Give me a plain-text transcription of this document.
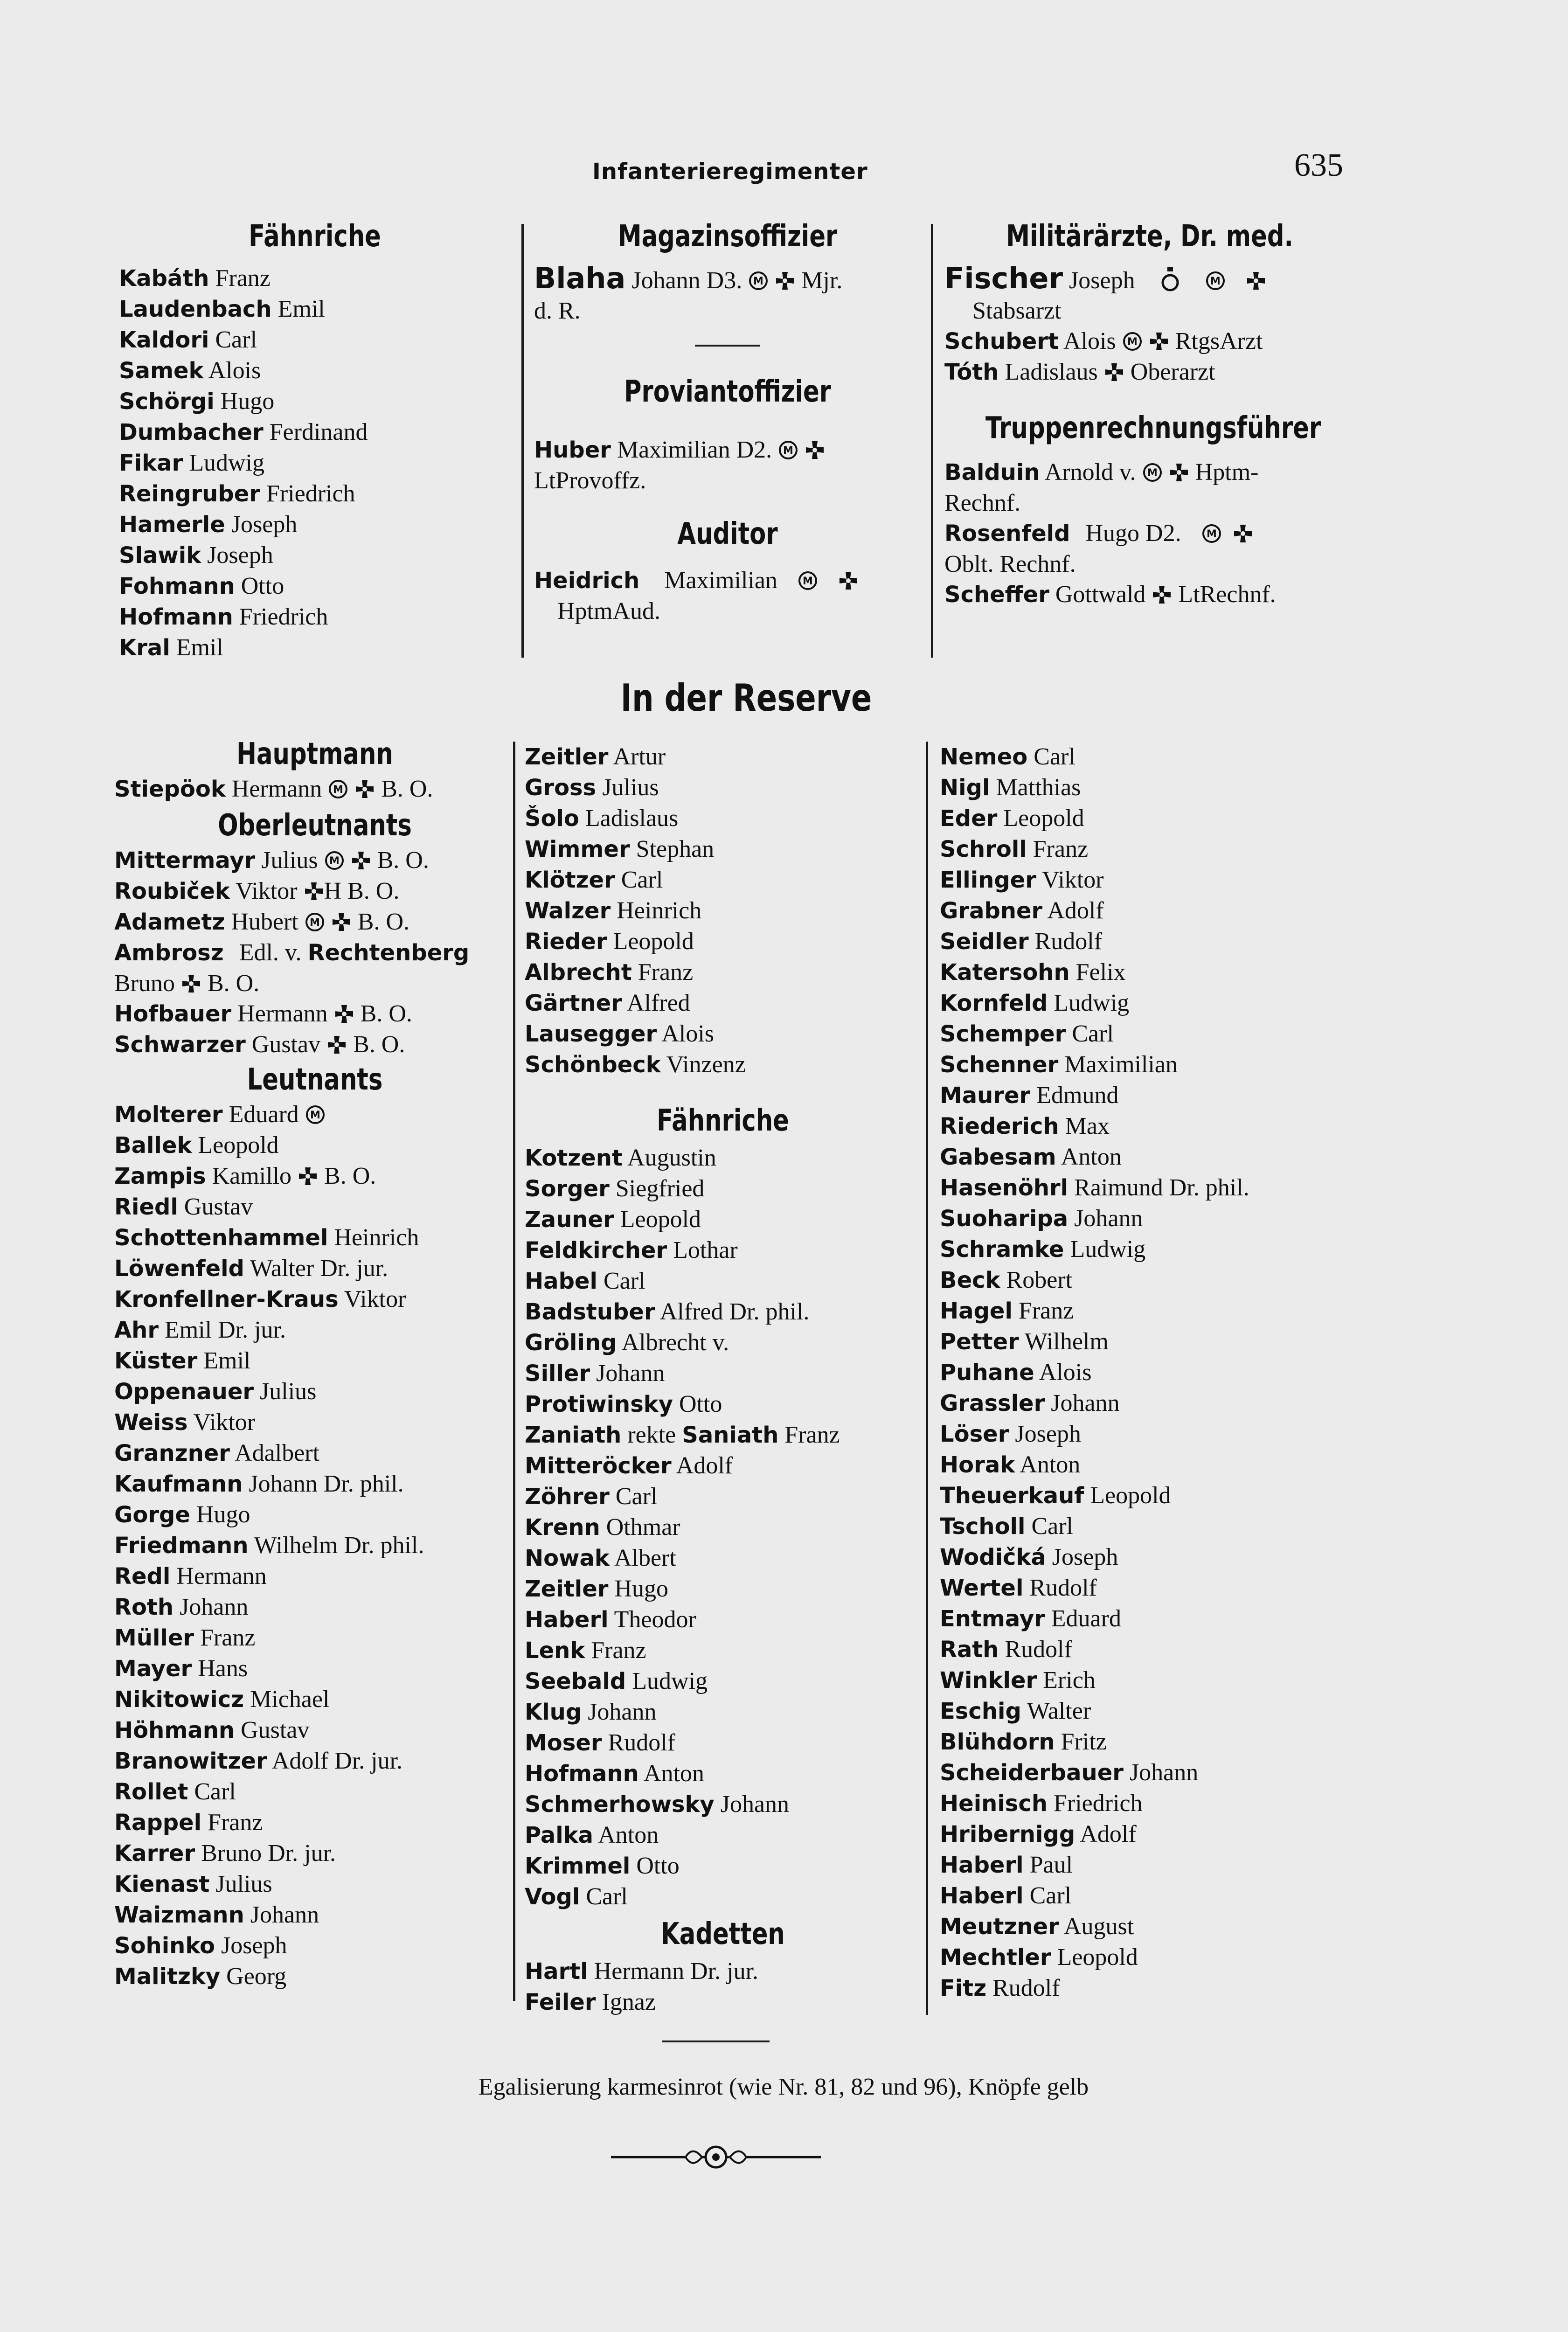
Infanterieregimenter	635
Fähnriche
Kabáth Franz
Laudenbach Emil
Kaldori Carl
Samek Alois
Schörgi Hugo
Dumbacher Ferdinand
Fikar Ludwig
Reingruber Friedrich
Hamerle Joseph
Slawik Joseph
Fohmann Otto
Hofmann Friedrich
Kral Emil
Magazinsoffizier
Blaha Johann D3. Mjr.
d. R.
Proviantoffizier
Huber Maximilian D2.
LtProvoffz.
Auditor
Heidrich Maximilian
HptmAud.
Militärärzte, Dr. med.
Fischer Joseph
Stabsarzt
Schubert Alois RtgsArzt
Tóth Ladislaus Oberarzt
Truppenrechnungsführer
Balduin Arnold v. Hptm-
Rechnf.
Rosenfeld Hugo D2.
Oblt. Rechnf.
Scheffer Gottwald LtRechnf.
In der Reserve
Hauptmann
Stiepöok Hermann B. O.
Oberleutnants
Mittermayr Julius B. O.
Roubiček Viktor H B. O.
Adametz Hubert B. O.
Ambrosz Edl. v. Rechtenberg
Bruno B. O.
Hofbauer Hermann B. O.
Schwarzer Gustav B. O.
Leutnants
Molterer Eduard
Ballek Leopold
Zampis Kamillo B. O.
Riedl Gustav
Schottenhammel Heinrich
Löwenfeld Walter Dr. jur.
Kronfellner-Kraus Viktor
Ahr Emil Dr. jur.
Küster Emil
Oppenauer Julius
Weiss Viktor
Granzner Adalbert
Kaufmann Johann Dr. phil.
Gorge Hugo
Friedmann Wilhelm Dr. phil.
Redl Hermann
Roth Johann
Müller Franz
Mayer Hans
Nikitowicz Michael
Höhmann Gustav
Branowitzer Adolf Dr. jur.
Rollet Carl
Rappel Franz
Karrer Bruno Dr. jur.
Kienast Julius
Waizmann Johann
Sohinko Joseph
Malitzky Georg
Zeitler Artur
Gross Julius
Šolo Ladislaus
Wimmer Stephan
Klötzer Carl
Walzer Heinrich
Rieder Leopold
Albrecht Franz
Gärtner Alfred
Lausegger Alois
Schönbeck Vinzenz
Fähnriche
Kotzent Augustin
Sorger Siegfried
Zauner Leopold
Feldkircher Lothar
Habel Carl
Badstuber Alfred Dr. phil.
Gröling Albrecht v.
Siller Johann
Protiwinsky Otto
Zaniath rekte Saniath Franz
Mitteröcker Adolf
Zöhrer Carl
Krenn Othmar
Nowak Albert
Zeitler Hugo
Haberl Theodor
Lenk Franz
Seebald Ludwig
Klug Johann
Moser Rudolf
Hofmann Anton
Schmerhowsky Johann
Palka Anton
Krimmel Otto
Vogl Carl
Kadetten
Hartl Hermann Dr. jur.
Feiler Ignaz
Nemeo Carl
Nigl Matthias
Eder Leopold
Schroll Franz
Ellinger Viktor
Grabner Adolf
Seidler Rudolf
Katersohn Felix
Kornfeld Ludwig
Schemper Carl
Schenner Maximilian
Maurer Edmund
Riederich Max
Gabesam Anton
Hasenöhrl Raimund Dr. phil.
Suoharipa Johann
Schramke Ludwig
Beck Robert
Hagel Franz
Petter Wilhelm
Puhane Alois
Grassler Johann
Löser Joseph
Horak Anton
Theuerkauf Leopold
Tscholl Carl
Wodičká Joseph
Wertel Rudolf
Entmayr Eduard
Rath Rudolf
Winkler Erich
Eschig Walter
Blühdorn Fritz
Scheiderbauer Johann
Heinisch Friedrich
Hribernigg Adolf
Haberl Paul
Haberl Carl
Meutzner August
Mechtler Leopold
Fitz Rudolf
Egalisierung karmesinrot (wie Nr. 81, 82 und 96), Knöpfe gelb
